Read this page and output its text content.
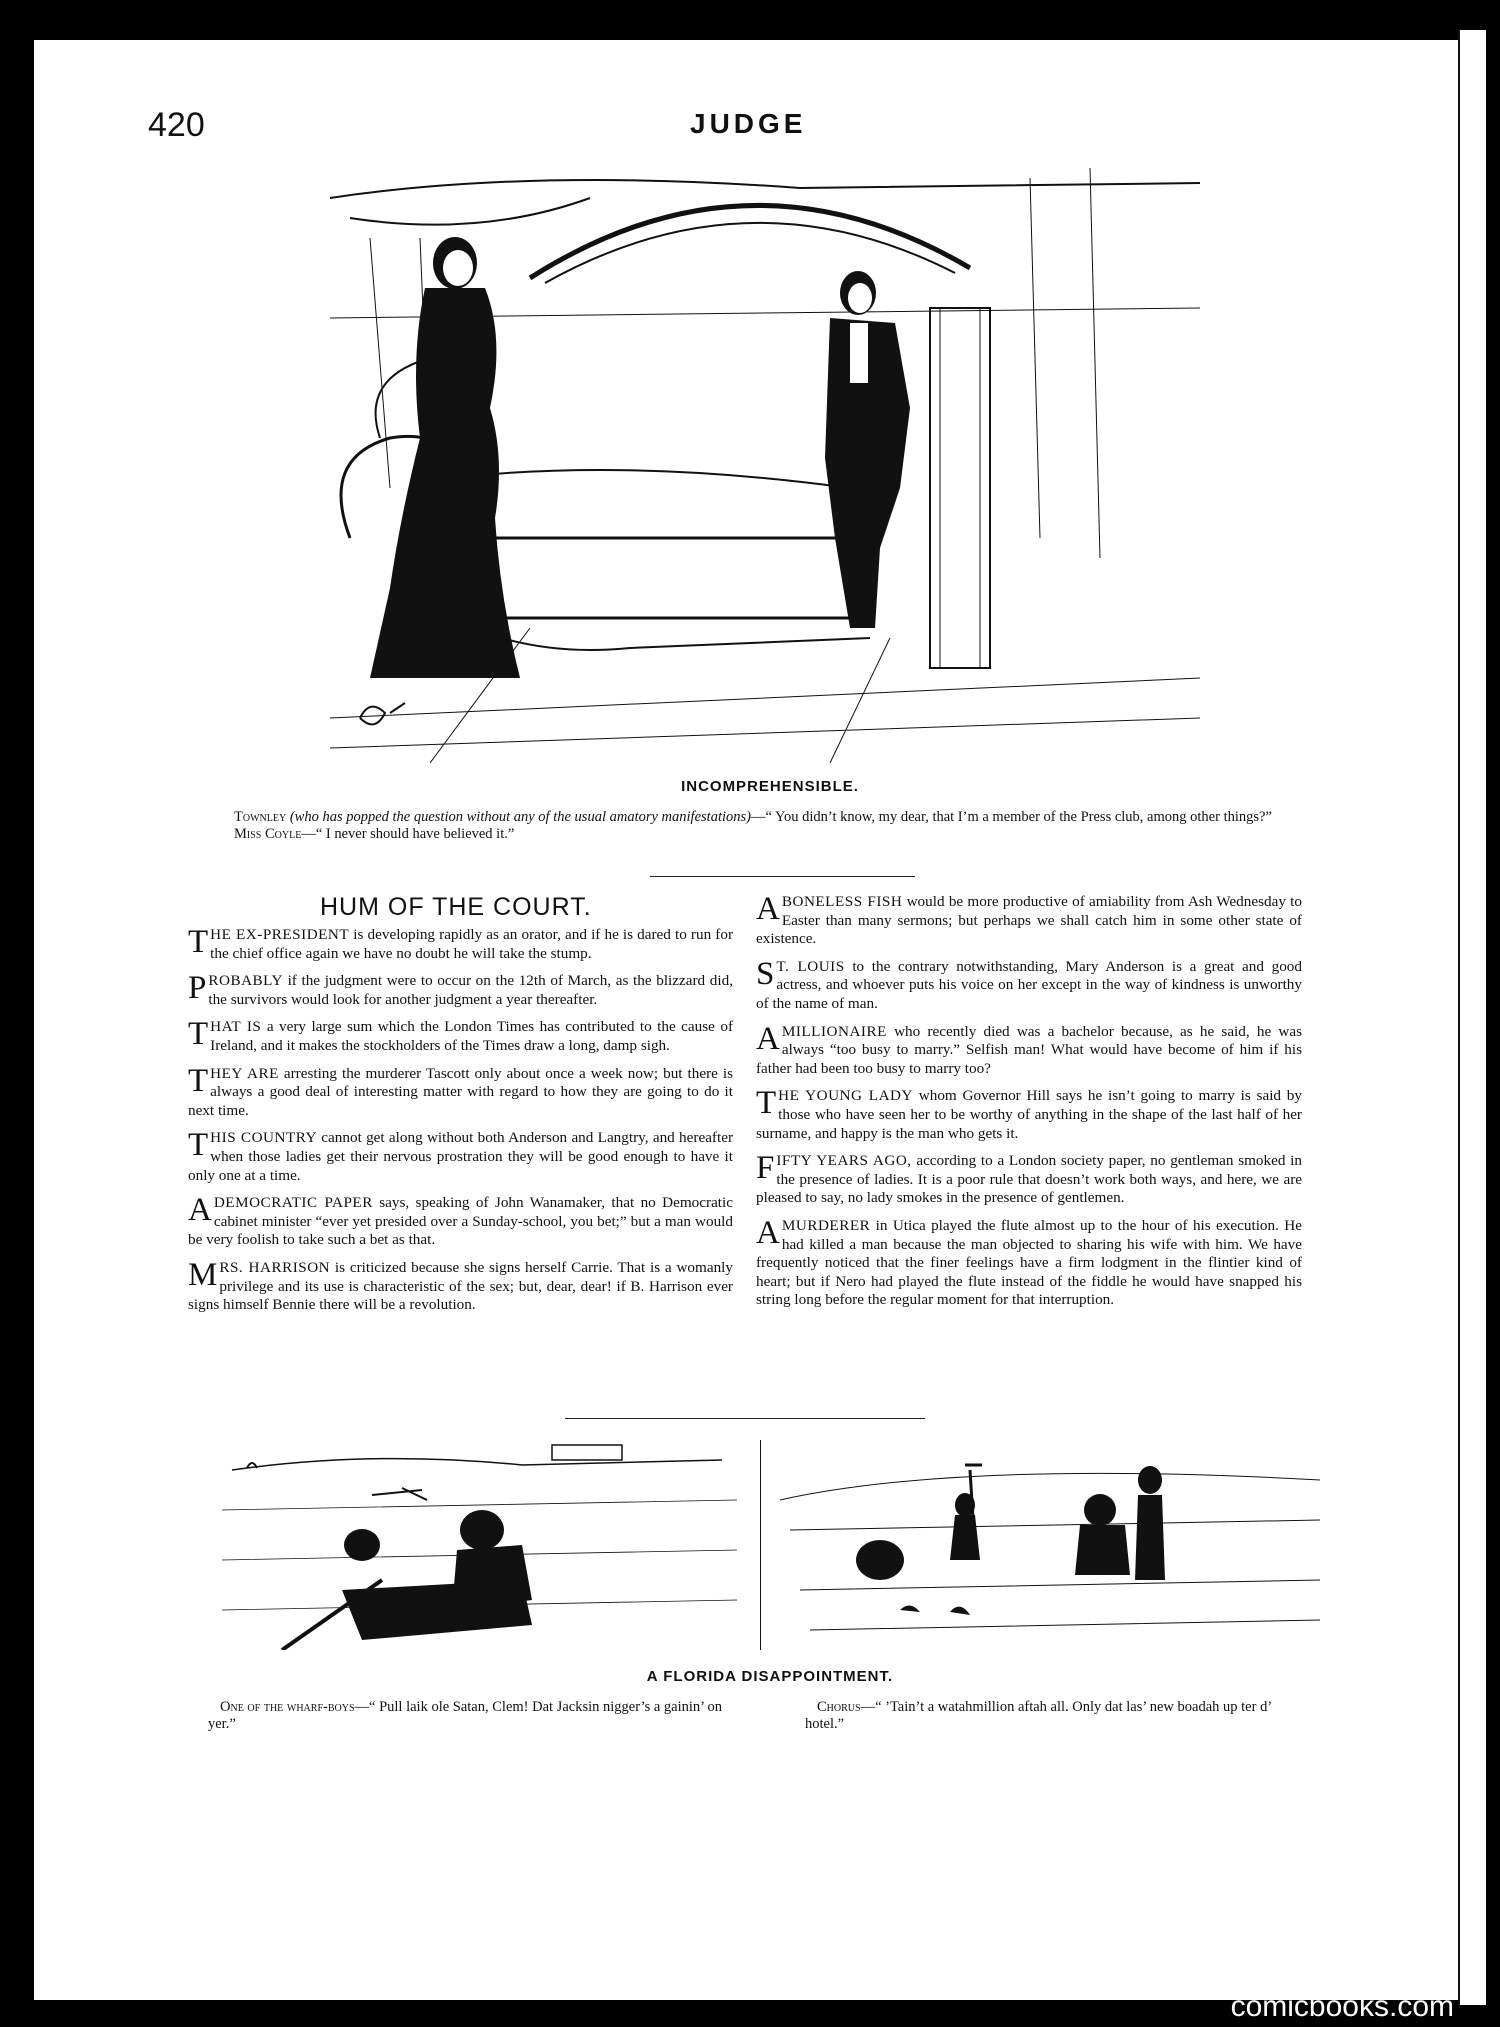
420	JUDGE
INCOMPREHENSIBLE.

Townley (who has popped the question without any of the usual amatory manifestations)—“ You didn’t know, my dear, that I’m a member of the Press club, among other things?”

Miss Coyle—“ I never should have believed it.”

HUM OF THE COURT.

THE EX-PRESIDENT is developing rapidly as an orator, and if he is dared to run for the chief office again we have no doubt he will take the stump.

PROBABLY if the judgment were to occur on the 12th of March, as the blizzard did, the survivors would look for another judgment a year thereafter.

THAT IS a very large sum which the London Times has contributed to the cause of Ireland, and it makes the stockholders of the Times draw a long, damp sigh.

THEY ARE arresting the murderer Tascott only about once a week now; but there is always a good deal of interesting matter with regard to how they are going to do it next time.

THIS COUNTRY cannot get along without both Anderson and Langtry, and hereafter when those ladies get their nervous prostration they will be good enough to have it only one at a time.

A DEMOCRATIC PAPER says, speaking of John Wanamaker, that no Democratic cabinet minister “ever yet presided over a Sunday-school, you bet;” but a man would be very foolish to take such a bet as that.

MRS. HARRISON is criticized because she signs herself Carrie. That is a womanly privilege and its use is characteristic of the sex; but, dear, dear! if B. Harrison ever signs himself Bennie there will be a revolution.

A BONELESS FISH would be more productive of amiability from Ash Wednesday to Easter than many sermons; but perhaps we shall catch him in some other state of existence.

S T. LOUIS to the contrary notwithstanding, Mary Anderson is a great and good actress, and whoever puts his voice on her except in the way of kindness is unworthy of the name of man.

A MILLIONAIRE who recently died was a bachelor because, as he said, he was always “too busy to marry.” Selfish man! What would have become of him if his father had been too busy to marry too?

THE YOUNG LADY whom Governor Hill says he isn’t going to marry is said by those who have seen her to be worthy of anything in the shape of the last half of her surname, and happy is the man who gets it.

FIFTY YEARS AGO, according to a London society paper, no gentleman smoked in the presence of ladies. It is a poor rule that doesn’t work both ways, and here, we are pleased to say, no lady smokes in the presence of gentlemen.

A MURDERER in Utica played the flute almost up to the hour of his execution. He had killed a man because the man objected to sharing his wife with him. We have frequently noticed that the finer feelings have a firm lodgment in the flintier kind of heart; but if Nero had played the flute instead of the fiddle he would have snapped his string long before the regular moment for that interruption.

A FLORIDA DISAPPOINTMENT.

One of the wharf-boys—“ Pull laik ole Satan, Clem! Dat Jacksin nigger’s a gainin’ on yer.”

Chorus—“ ’Tain’t a watahmillion aftah all. Only dat las’ new boadah up ter d’ hotel.”

comicbooks.com
